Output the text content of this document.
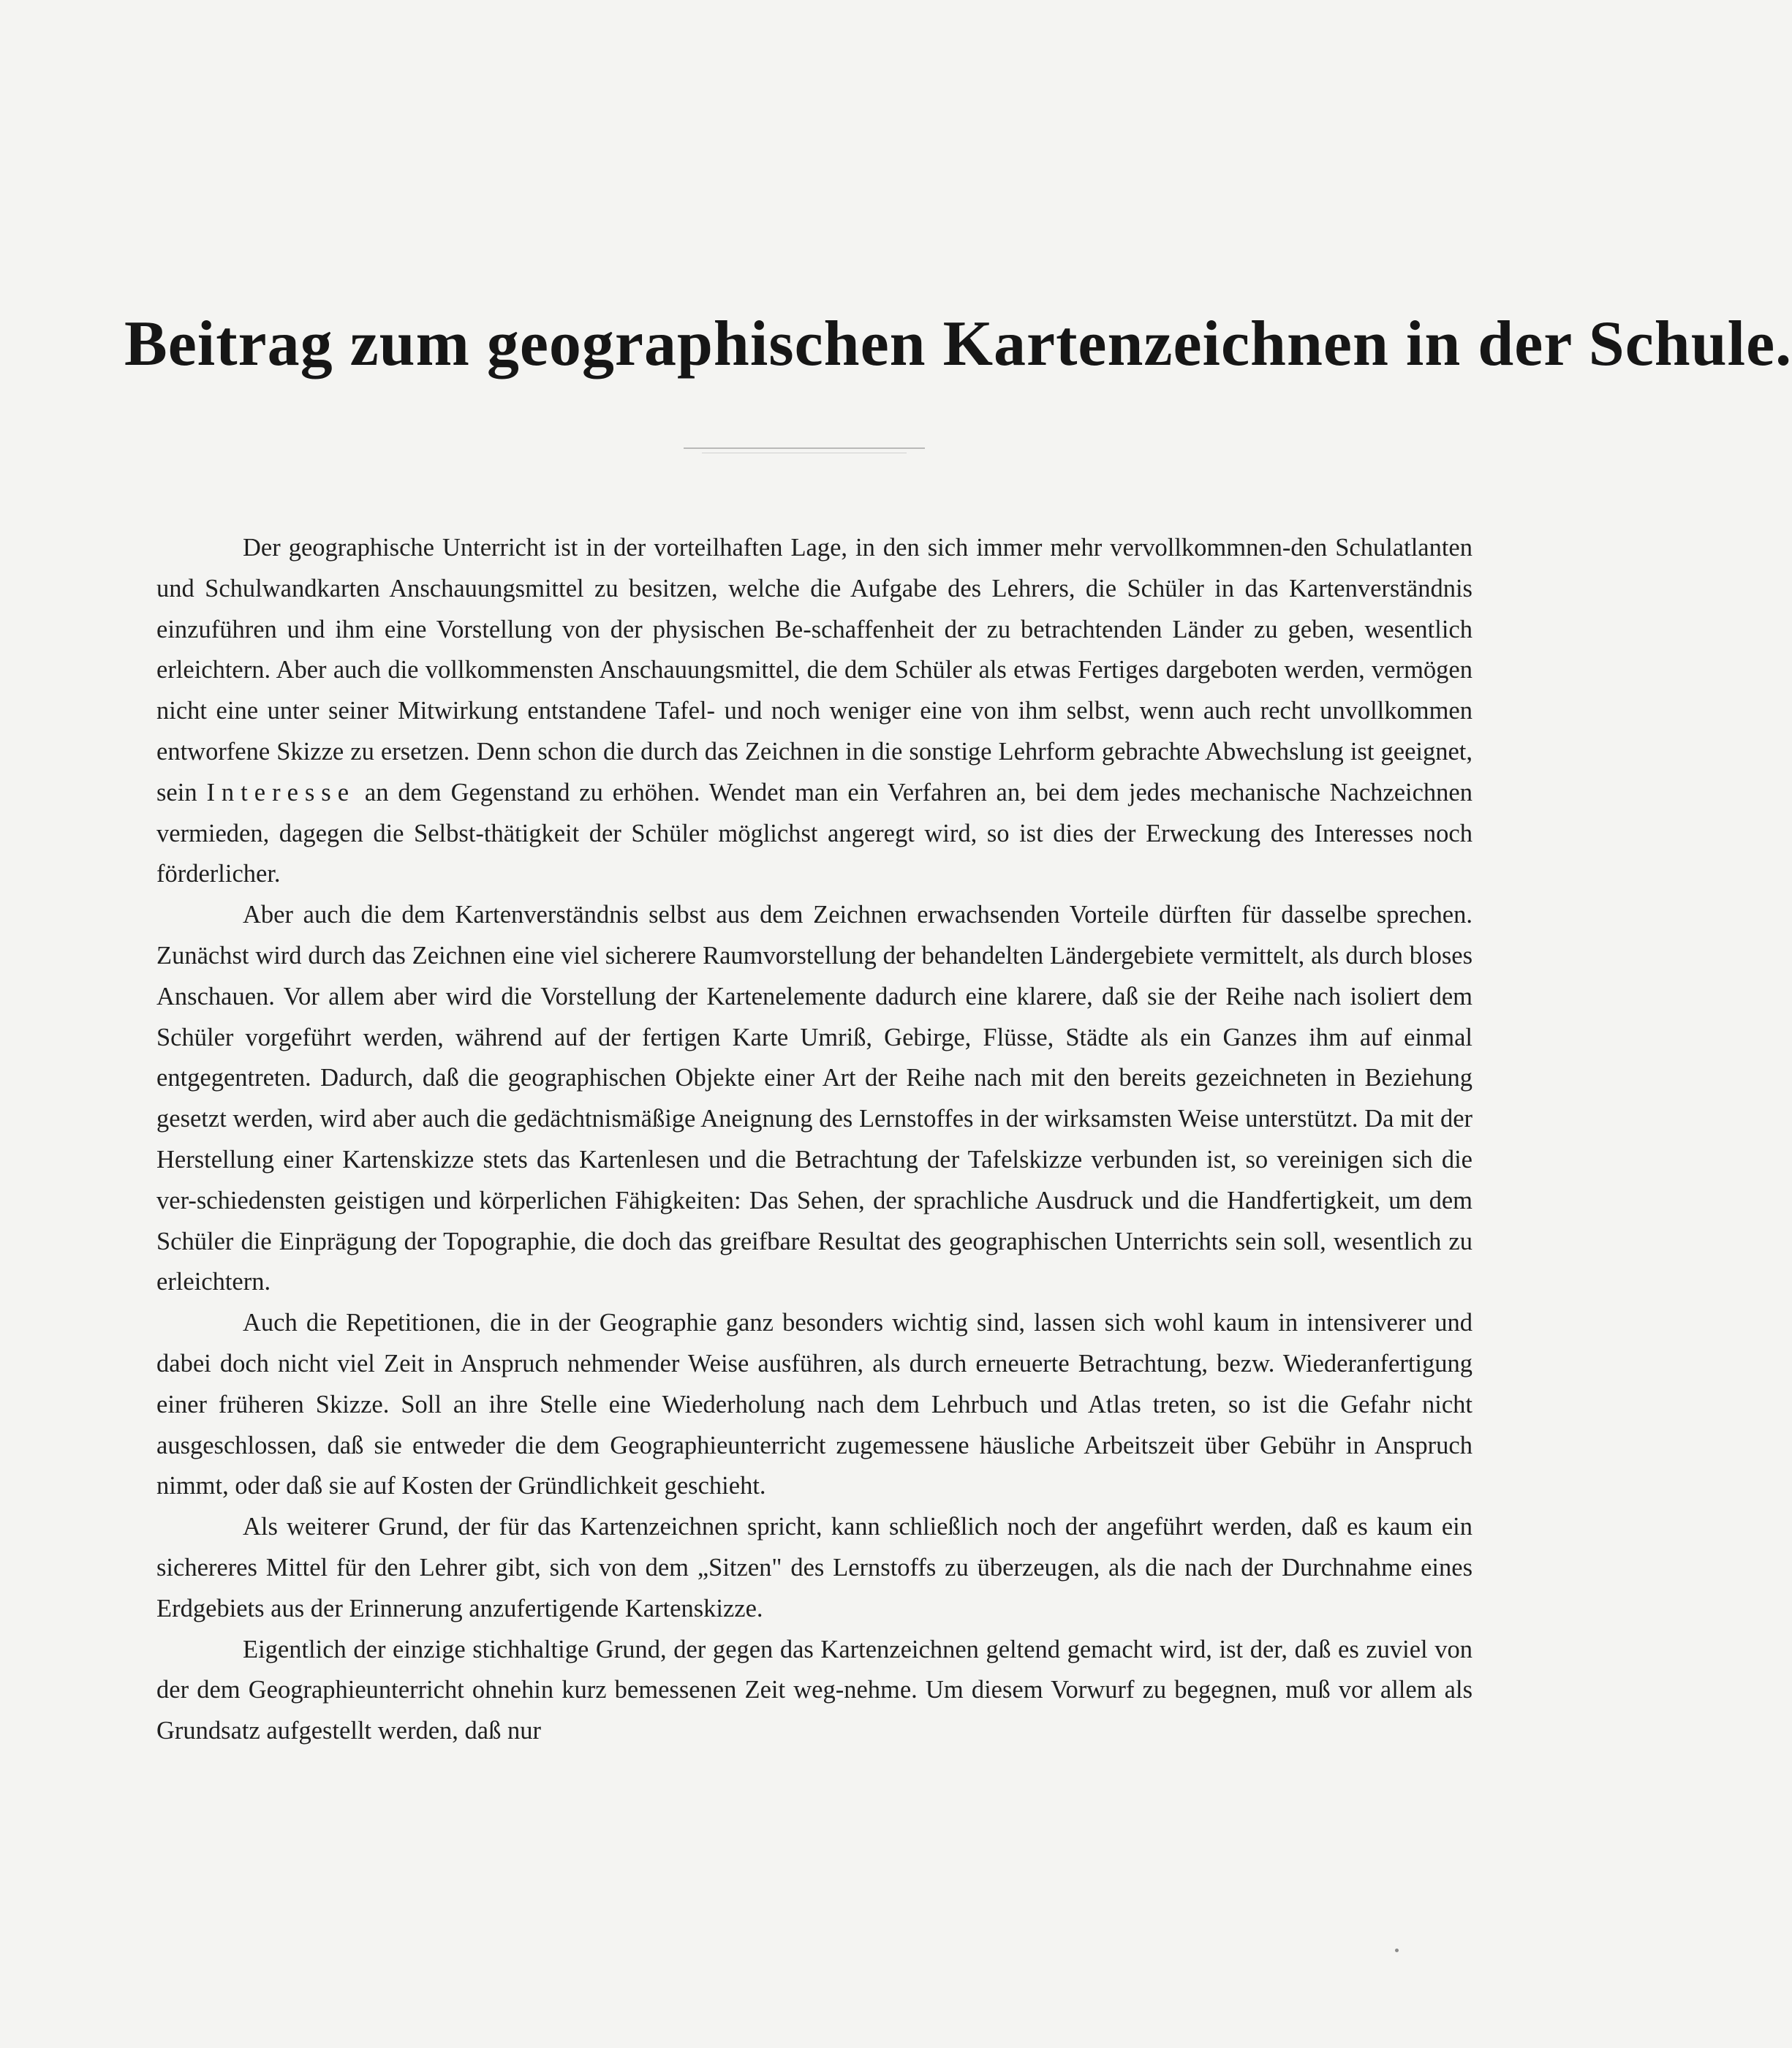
Beitrag zum geographischen Kartenzeichnen in der Schule.

Der geographische Unterricht ist in der vorteilhaften Lage, in den sich immer mehr vervollkommnen-den Schulatlanten und Schulwandkarten Anschauungsmittel zu besitzen, welche die Aufgabe des Lehrers, die Schüler in das Kartenverständnis einzuführen und ihm eine Vorstellung von der physischen Be-schaffenheit der zu betrachtenden Länder zu geben, wesentlich erleichtern. Aber auch die vollkommensten Anschauungsmittel, die dem Schüler als etwas Fertiges dargeboten werden, vermögen nicht eine unter seiner Mitwirkung entstandene Tafel- und noch weniger eine von ihm selbst, wenn auch recht unvollkommen entworfene Skizze zu ersetzen. Denn schon die durch das Zeichnen in die sonstige Lehrform gebrachte Abwechslung ist geeignet, sein Interesse an dem Gegenstand zu erhöhen. Wendet man ein Verfahren an, bei dem jedes mechanische Nachzeichnen vermieden, dagegen die Selbst-thätigkeit der Schüler möglichst angeregt wird, so ist dies der Erweckung des Interesses noch förderlicher.

Aber auch die dem Kartenverständnis selbst aus dem Zeichnen erwachsenden Vorteile dürften für dasselbe sprechen. Zunächst wird durch das Zeichnen eine viel sicherere Raumvorstellung der behandelten Ländergebiete vermittelt, als durch bloses Anschauen. Vor allem aber wird die Vorstellung der Kartenelemente dadurch eine klarere, daß sie der Reihe nach isoliert dem Schüler vorgeführt werden, während auf der fertigen Karte Umriß, Gebirge, Flüsse, Städte als ein Ganzes ihm auf einmal entgegentreten. Dadurch, daß die geographischen Objekte einer Art der Reihe nach mit den bereits gezeichneten in Beziehung gesetzt werden, wird aber auch die gedächtnismäßige Aneignung des Lernstoffes in der wirksamsten Weise unterstützt. Da mit der Herstellung einer Kartenskizze stets das Kartenlesen und die Betrachtung der Tafelskizze verbunden ist, so vereinigen sich die ver-schiedensten geistigen und körperlichen Fähigkeiten: Das Sehen, der sprachliche Ausdruck und die Handfertigkeit, um dem Schüler die Einprägung der Topographie, die doch das greifbare Resultat des geographischen Unterrichts sein soll, wesentlich zu erleichtern.

Auch die Repetitionen, die in der Geographie ganz besonders wichtig sind, lassen sich wohl kaum in intensiverer und dabei doch nicht viel Zeit in Anspruch nehmender Weise ausführen, als durch erneuerte Betrachtung, bezw. Wiederanfertigung einer früheren Skizze. Soll an ihre Stelle eine Wiederholung nach dem Lehrbuch und Atlas treten, so ist die Gefahr nicht ausgeschlossen, daß sie entweder die dem Geographieunterricht zugemessene häusliche Arbeitszeit über Gebühr in Anspruch nimmt, oder daß sie auf Kosten der Gründlichkeit geschieht.

Als weiterer Grund, der für das Kartenzeichnen spricht, kann schließlich noch der angeführt werden, daß es kaum ein sichereres Mittel für den Lehrer gibt, sich von dem „Sitzen" des Lernstoffs zu überzeugen, als die nach der Durchnahme eines Erdgebiets aus der Erinnerung anzufertigende Kartenskizze.

Eigentlich der einzige stichhaltige Grund, der gegen das Kartenzeichnen geltend gemacht wird, ist der, daß es zuviel von der dem Geographieunterricht ohnehin kurz bemessenen Zeit weg-nehme. Um diesem Vorwurf zu begegnen, muß vor allem als Grundsatz aufgestellt werden, daß nur
